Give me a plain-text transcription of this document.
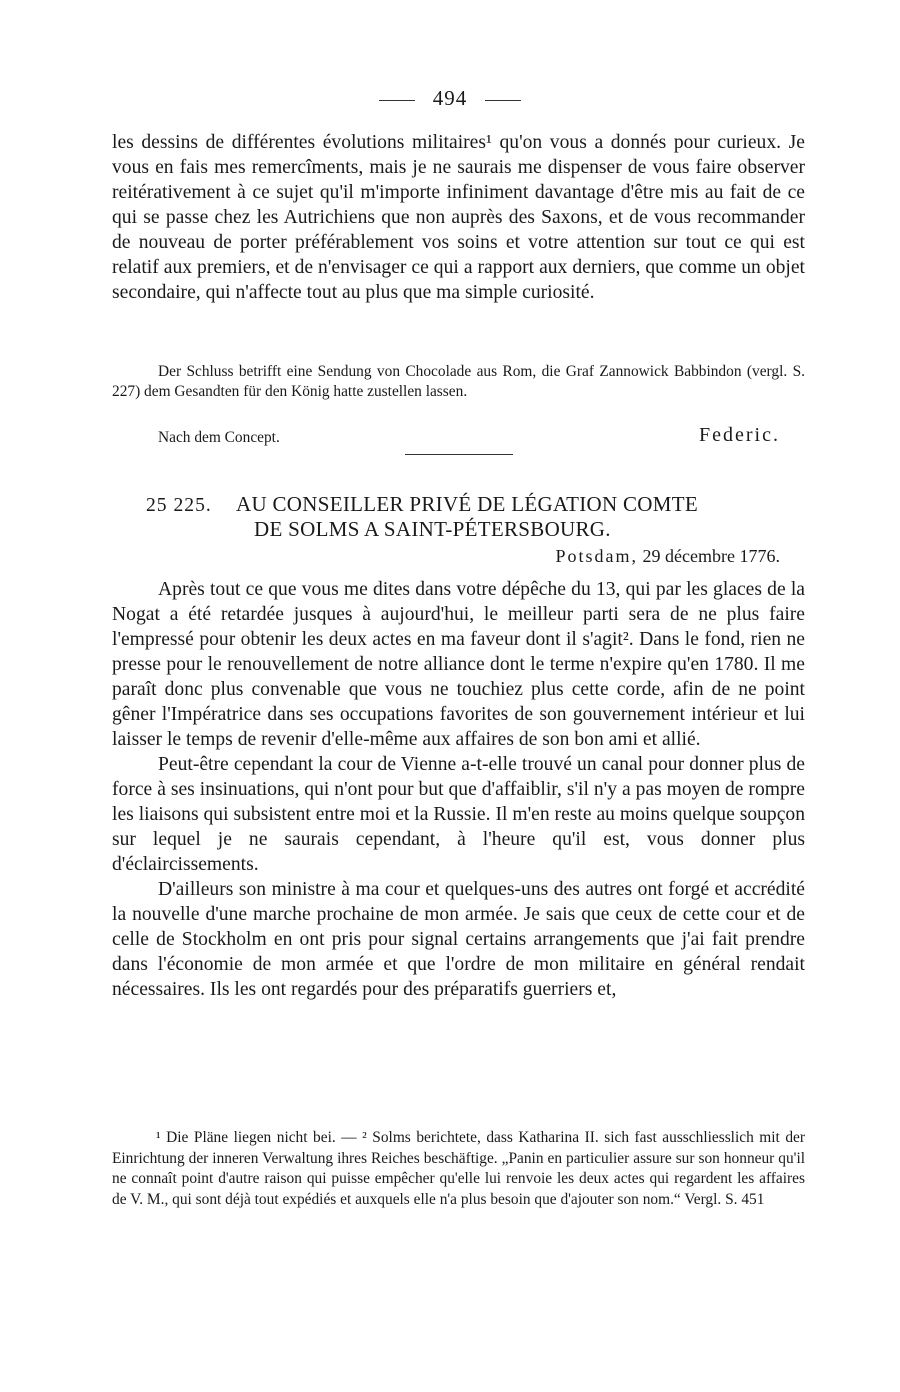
494

les dessins de différentes évolutions militaires¹ qu'on vous a donnés pour curieux. Je vous en fais mes remercîments, mais je ne saurais me dispenser de vous faire observer reitérativement à ce sujet qu'il m'importe infiniment davantage d'être mis au fait de ce qui se passe chez les Autrichiens que non auprès des Saxons, et de vous recommander de nouveau de porter préférablement vos soins et votre attention sur tout ce qui est relatif aux premiers, et de n'envisager ce qui a rapport aux derniers, que comme un objet secondaire, qui n'affecte tout au plus que ma simple curiosité.

Der Schluss betrifft eine Sendung von Chocolade aus Rom, die Graf Zannowick Babbindon (vergl. S. 227) dem Gesandten für den König hatte zustellen lassen.

Nach dem Concept.	Federic.
25 225. AU CONSEILLER PRIVÉ DE LÉGATION COMTE
DE SOLMS A SAINT-PÉTERSBOURG.
Potsdam, 29 décembre 1776.

Après tout ce que vous me dites dans votre dépêche du 13, qui par les glaces de la Nogat a été retardée jusques à aujourd'hui, le meilleur parti sera de ne plus faire l'empressé pour obtenir les deux actes en ma faveur dont il s'agit². Dans le fond, rien ne presse pour le renouvellement de notre alliance dont le terme n'expire qu'en 1780. Il me paraît donc plus convenable que vous ne touchiez plus cette corde, afin de ne point gêner l'Impératrice dans ses occupations favorites de son gouvernement intérieur et lui laisser le temps de revenir d'elle-même aux affaires de son bon ami et allié.

Peut-être cependant la cour de Vienne a-t-elle trouvé un canal pour donner plus de force à ses insinuations, qui n'ont pour but que d'affaiblir, s'il n'y a pas moyen de rompre les liaisons qui subsistent entre moi et la Russie. Il m'en reste au moins quelque soupçon sur lequel je ne saurais cependant, à l'heure qu'il est, vous donner plus d'éclaircissements.

D'ailleurs son ministre à ma cour et quelques-uns des autres ont forgé et accrédité la nouvelle d'une marche prochaine de mon armée. Je sais que ceux de cette cour et de celle de Stockholm en ont pris pour signal certains arrangements que j'ai fait prendre dans l'économie de mon armée et que l'ordre de mon militaire en général rendait nécessaires. Ils les ont regardés pour des préparatifs guerriers et,

¹ Die Pläne liegen nicht bei. — ² Solms berichtete, dass Katharina II. sich fast ausschliesslich mit der Einrichtung der inneren Verwaltung ihres Reiches beschäftige. „Panin en particulier assure sur son honneur qu'il ne connaît point d'autre raison qui puisse empêcher qu'elle lui renvoie les deux actes qui regardent les affaires de V. M., qui sont déjà tout expédiés et auxquels elle n'a plus besoin que d'ajouter son nom.“ Vergl. S. 451
